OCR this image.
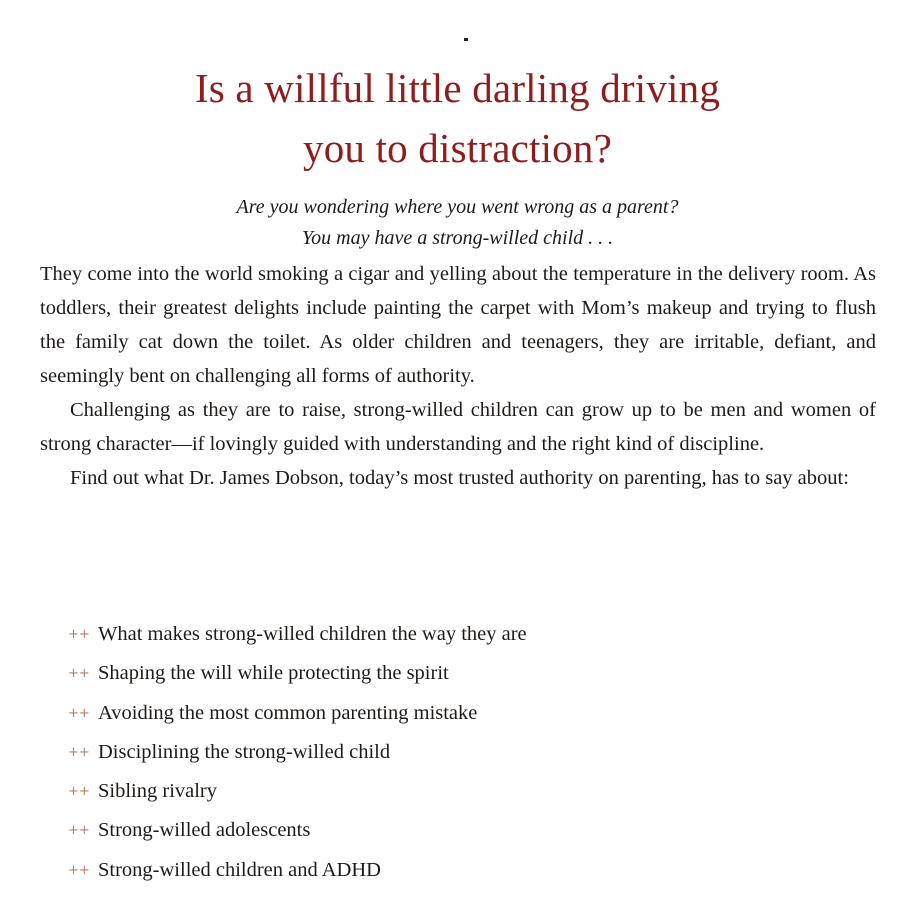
Is a willful little darling driving
you to distraction?
Are you wondering where you went wrong as a parent?
You may have a strong-willed child . . .

They come into the world smoking a cigar and yelling about the temperature in the delivery room. As toddlers, their greatest delights include painting the carpet with Mom’s makeup and trying to flush the family cat down the toilet. As older children and teenagers, they are irritable, defiant, and seemingly bent on challenging all forms of authority.

Challenging as they are to raise, strong-willed children can grow up to be men and women of strong character—if lovingly guided with understanding and the right kind of discipline.

Find out what Dr. James Dobson, today’s most trusted authority on parenting, has to say about:

++ What makes strong-willed children the way they are
++ Shaping the will while protecting the spirit
++ Avoiding the most common parenting mistake
++ Disciplining the strong-willed child
++ Sibling rivalry
++ Strong-willed adolescents
++ Strong-willed children and ADHD
